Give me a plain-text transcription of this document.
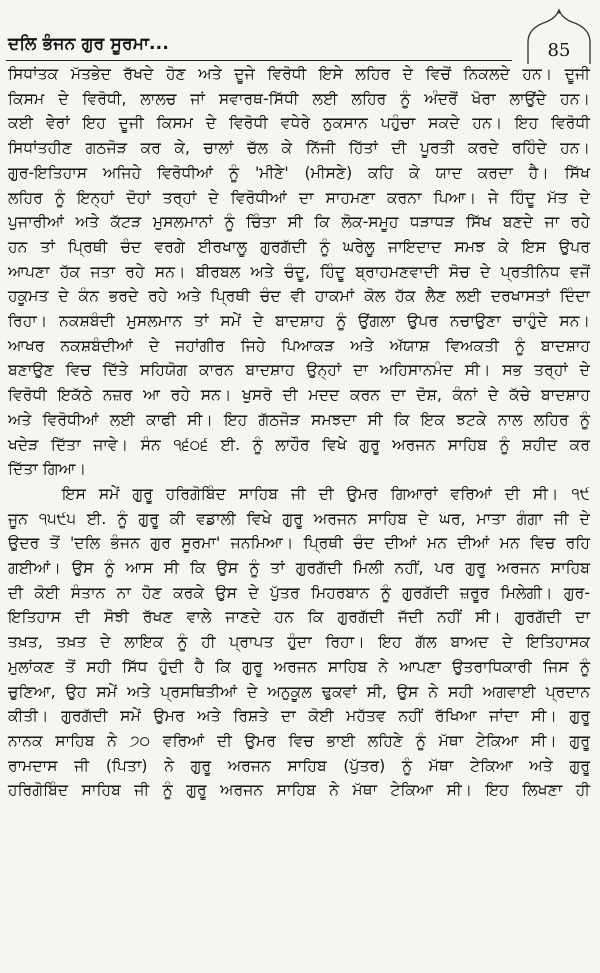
ਦਲਿ ਭੰਜਨ ਗੁਰ ਸੂਰਮਾ...	85
ਸਿਧਾਂਤਕ ਮੱਤਭੇਦ ਰੱਖਦੇ ਹੋਣ ਅਤੇ ਦੂਜੇ ਵਿਰੋਧੀ ਇਸੇ ਲਹਿਰ ਦੇ ਵਿਚੋਂ ਨਿਕਲਦੇ ਹਨ। ਦੂਜੀ
ਕਿਸਮ ਦੇ ਵਿਰੋਧੀ, ਲਾਲਚ ਜਾਂ ਸਵਾਰਥ-ਸਿੱਧੀ ਲਈ ਲਹਿਰ ਨੂੰ ਅੰਦਰੋਂ ਖੋਰਾ ਲਾਉਂਦੇ ਹਨ।
ਕਈ ਵੇਰਾਂ ਇਹ ਦੂਜੀ ਕਿਸਮ ਦੇ ਵਿਰੋਧੀ ਵਧੇਰੇ ਨੁਕਸਾਨ ਪਹੁੰਚਾ ਸਕਦੇ ਹਨ। ਇਹ ਵਿਰੋਧੀ
ਸਿਧਾਂਤਹੀਣ ਗਠਜੋੜ ਕਰ ਕੇ, ਚਾਲਾਂ ਚੱਲ ਕੇ ਨਿੱਜੀ ਹਿੱਤਾਂ ਦੀ ਪੂਰਤੀ ਕਰਦੇ ਰਹਿੰਦੇ ਹਨ।
ਗੁਰ-ਇਤਿਹਾਸ ਅਜਿਹੇ ਵਿਰੋਧੀਆਂ ਨੂੰ 'ਮੀਣੇ' (ਮੀਸਣੇ) ਕਹਿ ਕੇ ਯਾਦ ਕਰਦਾ ਹੈ। ਸਿੱਖ
ਲਹਿਰ ਨੂੰ ਇਨ੍ਹਾਂ ਦੋਹਾਂ ਤਰ੍ਹਾਂ ਦੇ ਵਿਰੋਧੀਆਂ ਦਾ ਸਾਹਮਣਾ ਕਰਨਾ ਪਿਆ। ਜੇ ਹਿੰਦੂ ਮੱਤ ਦੇ
ਪੁਜਾਰੀਆਂ ਅਤੇ ਕੱਟੜ ਮੁਸਲਮਾਨਾਂ ਨੂੰ ਚਿੰਤਾ ਸੀ ਕਿ ਲੋਕ-ਸਮੂਹ ਧੜਾਧੜ ਸਿੱਖ ਬਣਦੇ ਜਾ ਰਹੇ
ਹਨ ਤਾਂ ਪ੍ਰਿਥੀ ਚੰਦ ਵਰਗੇ ਈਰਖਾਲੂ ਗੁਰਗੱਦੀ ਨੂੰ ਘਰੇਲੂ ਜਾਇਦਾਦ ਸਮਝ ਕੇ ਇਸ ਉਪਰ
ਆਪਣਾ ਹੱਕ ਜਤਾ ਰਹੇ ਸਨ। ਬੀਰਬਲ ਅਤੇ ਚੰਦੂ, ਹਿੰਦੂ ਬ੍ਰਾਹਮਣਵਾਦੀ ਸੋਚ ਦੇ ਪ੍ਰਤੀਨਿਧ ਵਜੋਂ
ਹਕੂਮਤ ਦੇ ਕੰਨ ਭਰਦੇ ਰਹੇ ਅਤੇ ਪ੍ਰਿਥੀ ਚੰਦ ਵੀ ਹਾਕਮਾਂ ਕੋਲ ਹੱਕ ਲੈਣ ਲਈ ਦਰਖਾਸਤਾਂ ਦਿੰਦਾ
ਰਿਹਾ। ਨਕਸ਼ਬੰਦੀ ਮੁਸਲਮਾਨ ਤਾਂ ਸਮੇਂ ਦੇ ਬਾਦਸ਼ਾਹ ਨੂੰ ਉਂਗਲਾ ਉਪਰ ਨਚਾਉਣਾ ਚਾਹੁੰਦੇ ਸਨ।
ਆਖਰ ਨਕਸ਼ਬੰਦੀਆਂ ਦੇ ਜਹਾਂਗੀਰ ਜਿਹੇ ਪਿਆਕੜ ਅਤੇ ਅੱਯਾਸ਼ ਵਿਅਕਤੀ ਨੂੰ ਬਾਦਸ਼ਾਹ
ਬਣਾਉਣ ਵਿਚ ਦਿੱਤੇ ਸਹਿਯੋਗ ਕਾਰਨ ਬਾਦਸ਼ਾਹ ਉਨ੍ਹਾਂ ਦਾ ਅਹਿਸਾਨਮੰਦ ਸੀ। ਸਭ ਤਰ੍ਹਾਂ ਦੇ
ਵਿਰੋਧੀ ਇਕੱਠੇ ਨਜ਼ਰ ਆ ਰਹੇ ਸਨ। ਖੁਸਰੋ ਦੀ ਮਦਦ ਕਰਨ ਦਾ ਦੋਸ਼, ਕੰਨਾਂ ਦੇ ਕੱਚੇ ਬਾਦਸ਼ਾਹ
ਅਤੇ ਵਿਰੋਧੀਆਂ ਲਈ ਕਾਫੀ ਸੀ। ਇਹ ਗੱਠਜੋੜ ਸਮਝਦਾ ਸੀ ਕਿ ਇਕ ਝਟਕੇ ਨਾਲ ਲਹਿਰ ਨੂੰ
ਖਦੇੜ ਦਿੱਤਾ ਜਾਵੇ। ਸੰਨ ੧੬੦੬ ਈ. ਨੂੰ ਲਾਹੌਰ ਵਿਖੇ ਗੁਰੂ ਅਰਜਨ ਸਾਹਿਬ ਨੂੰ ਸ਼ਹੀਦ ਕਰ
ਦਿੱਤਾ ਗਿਆ।
ਇਸ ਸਮੇਂ ਗੁਰੂ ਹਰਿਗੋਬਿੰਦ ਸਾਹਿਬ ਜੀ ਦੀ ਉਮਰ ਗਿਆਰਾਂ ਵਰਿਆਂ ਦੀ ਸੀ। ੧੯
ਜੂਨ ੧੫੯੫ ਈ. ਨੂੰ ਗੁਰੂ ਕੀ ਵਡਾਲੀ ਵਿਖੇ ਗੁਰੂ ਅਰਜਨ ਸਾਹਿਬ ਦੇ ਘਰ, ਮਾਤਾ ਗੰਗਾ ਜੀ ਦੇ
ਉਦਰ ਤੋਂ 'ਦਲਿ ਭੰਜਨ ਗੁਰ ਸੂਰਮਾ' ਜਨਮਿਆ। ਪ੍ਰਿਥੀ ਚੰਦ ਦੀਆਂ ਮਨ ਦੀਆਂ ਮਨ ਵਿਚ ਰਹਿ
ਗਈਆਂ। ਉਸ ਨੂੰ ਆਸ ਸੀ ਕਿ ਉਸ ਨੂੰ ਤਾਂ ਗੁਰਗੱਦੀ ਮਿਲੀ ਨਹੀਂ, ਪਰ ਗੁਰੂ ਅਰਜਨ ਸਾਹਿਬ
ਦੀ ਕੋਈ ਸੰਤਾਨ ਨਾ ਹੋਣ ਕਰਕੇ ਉਸ ਦੇ ਪੁੱਤਰ ਮਿਹਰਬਾਨ ਨੂੰ ਗੁਰਗੱਦੀ ਜ਼ਰੂਰ ਮਿਲੇਗੀ। ਗੁਰ-
ਇਤਿਹਾਸ ਦੀ ਸੋਝੀ ਰੱਖਣ ਵਾਲੇ ਜਾਣਦੇ ਹਨ ਕਿ ਗੁਰਗੱਦੀ ਜੱਦੀ ਨਹੀਂ ਸੀ। ਗੁਰਗੱਦੀ ਦਾ
ਤਖ਼ਤ, ਤਖ਼ਤ ਦੇ ਲਾਇਕ ਨੂੰ ਹੀ ਪ੍ਰਾਪਤ ਹੁੰਦਾ ਰਿਹਾ। ਇਹ ਗੱਲ ਬਾਅਦ ਦੇ ਇਤਿਹਾਸਕ
ਮੁਲਾਂਕਣ ਤੋਂ ਸਹੀ ਸਿੱਧ ਹੁੰਦੀ ਹੈ ਕਿ ਗੁਰੂ ਅਰਜਨ ਸਾਹਿਬ ਨੇ ਆਪਣਾ ਉਤਰਾਧਿਕਾਰੀ ਜਿਸ ਨੂੰ
ਚੁਣਿਆ, ਉਹ ਸਮੇਂ ਅਤੇ ਪ੍ਰਸਥਿਤੀਆਂ ਦੇ ਅਨੁਕੂਲ ਢੁਕਵਾਂ ਸੀ, ਉਸ ਨੇ ਸਹੀ ਅਗਵਾਈ ਪ੍ਰਦਾਨ
ਕੀਤੀ। ਗੁਰਗੱਦੀ ਸਮੇਂ ਉਮਰ ਅਤੇ ਰਿਸ਼ਤੇ ਦਾ ਕੋਈ ਮਹੱਤਵ ਨਹੀਂ ਰੱਖਿਆ ਜਾਂਦਾ ਸੀ। ਗੁਰੂ
ਨਾਨਕ ਸਾਹਿਬ ਨੇ ੭੦ ਵਰਿਆਂ ਦੀ ਉਮਰ ਵਿਚ ਭਾਈ ਲਹਿਣੇ ਨੂੰ ਮੱਥਾ ਟੇਕਿਆ ਸੀ। ਗੁਰੂ
ਰਾਮਦਾਸ ਜੀ (ਪਿਤਾ) ਨੇ ਗੁਰੂ ਅਰਜਨ ਸਾਹਿਬ (ਪੁੱਤਰ) ਨੂੰ ਮੱਥਾ ਟੇਕਿਆ ਅਤੇ ਗੁਰੂ
ਹਰਿਗੋਬਿੰਦ ਸਾਹਿਬ ਜੀ ਨੂੰ ਗੁਰੂ ਅਰਜਨ ਸਾਹਿਬ ਨੇ ਮੱਥਾ ਟੇਕਿਆ ਸੀ। ਇਹ ਲਿਖਣਾ ਹੀ
